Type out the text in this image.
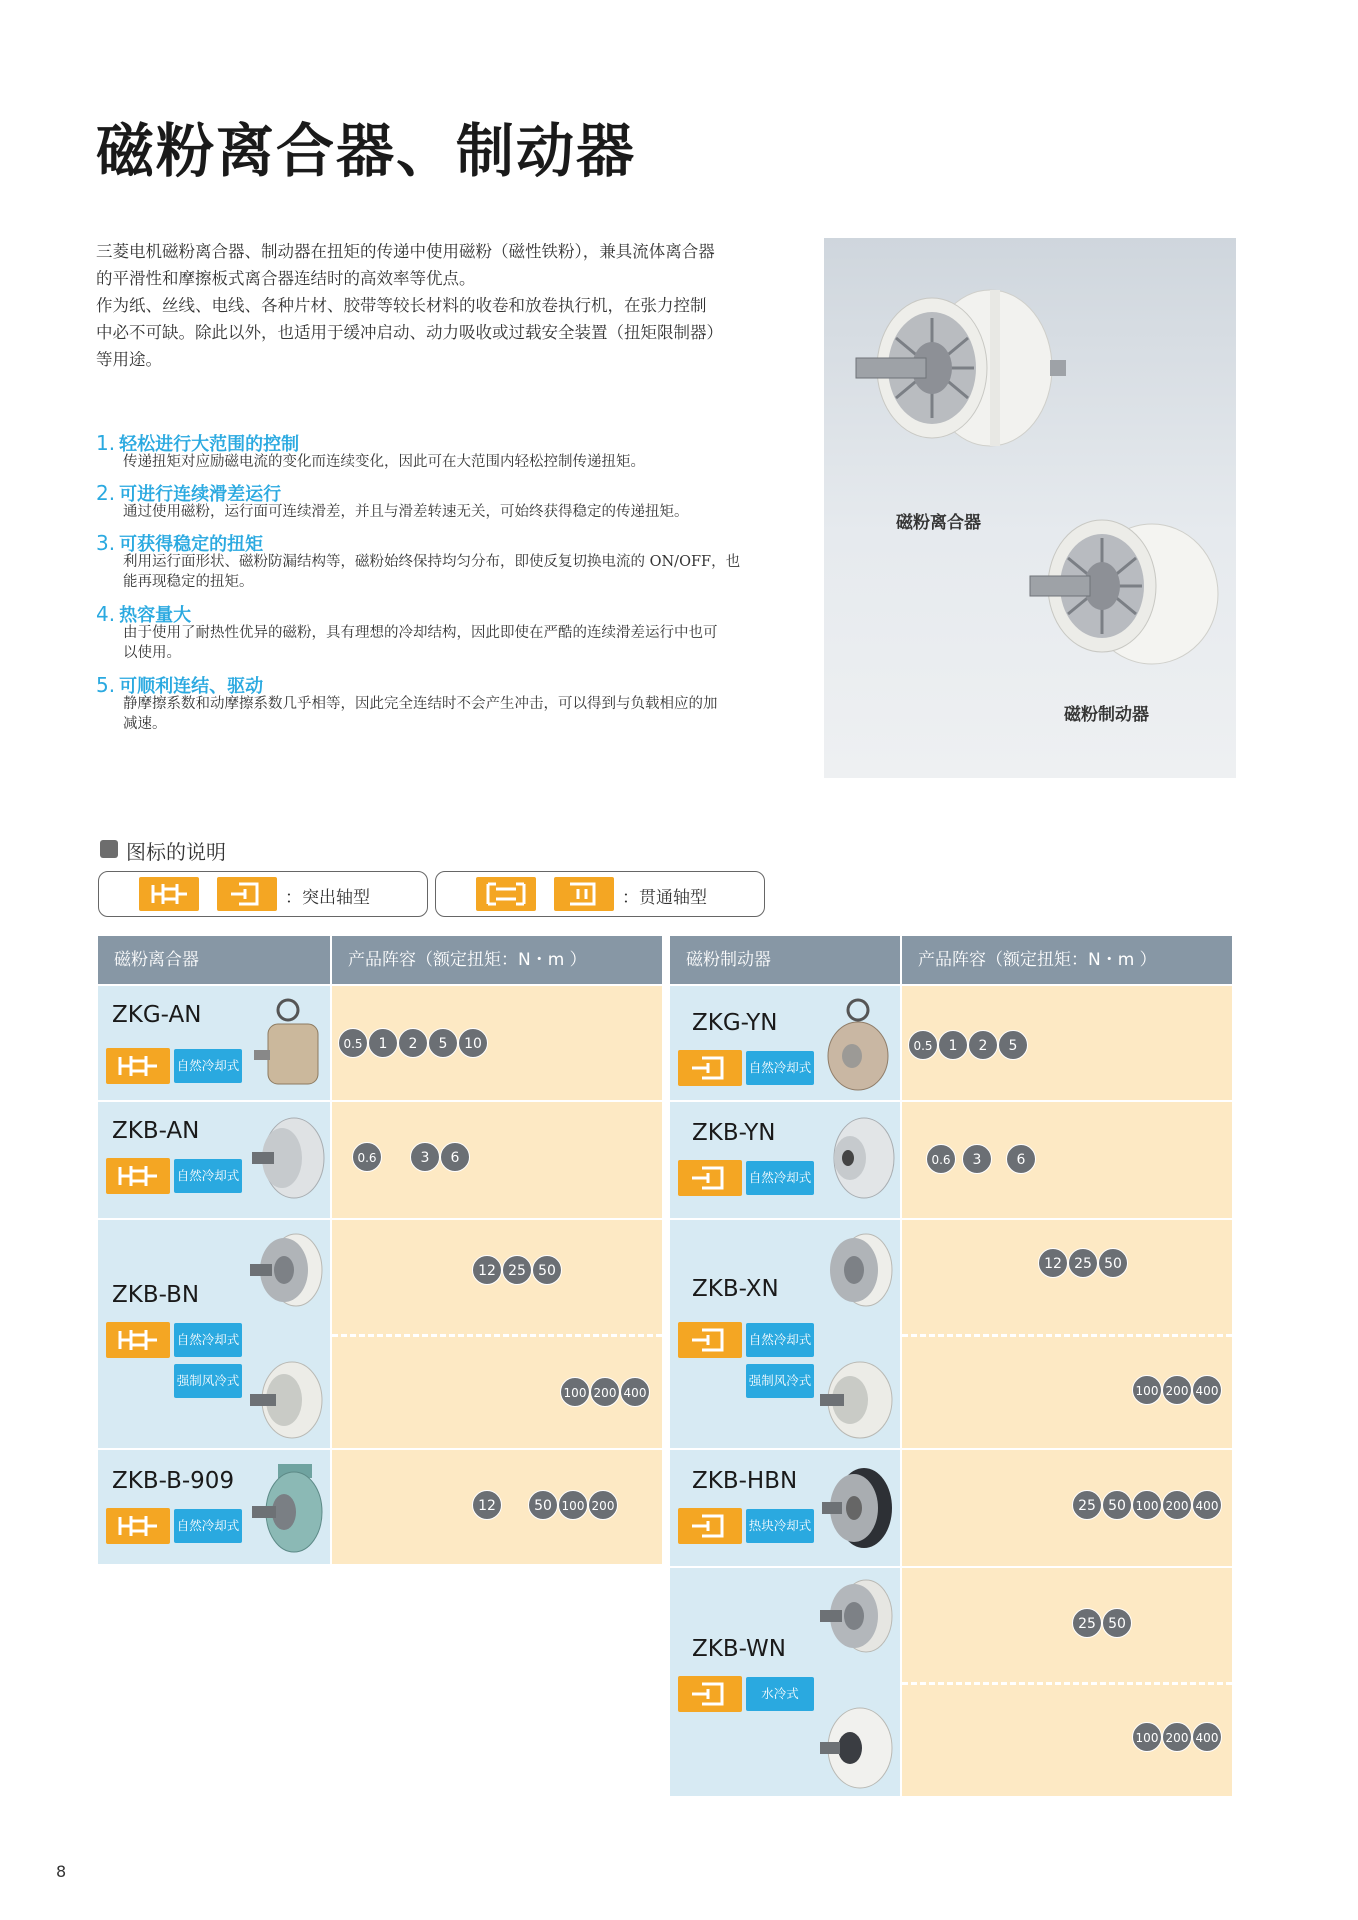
磁粉离合器、制动器
三菱电机磁粉离合器、制动器在扭矩的传递中使用磁粉（磁性铁粉），兼具流体离合器
的平滑性和摩擦板式离合器连结时的高效率等优点。
作为纸、丝线、电线、各种片材、胶带等较长材料的收卷和放卷执行机，在张力控制
中必不可缺。除此以外，也适用于缓冲启动、动力吸收或过载安全装置（扭矩限制器）
等用途。
1. 轻松进行大范围的控制
传递扭矩对应励磁电流的变化而连续变化，因此可在大范围内轻松控制传递扭矩。
2. 可进行连续滑差运行
通过使用磁粉，运行面可连续滑差，并且与滑差转速无关，可始终获得稳定的传递扭矩。
3. 可获得稳定的扭矩
利用运行面形状、磁粉防漏结构等，磁粉始终保持均匀分布，即使反复切换电流的 ON/OFF，也
能再现稳定的扭矩。
4. 热容量大
由于使用了耐热性优异的磁粉，具有理想的冷却结构，因此即使在严酷的连续滑差运行中也可
以使用。
5. 可顺利连结、驱动
静摩擦系数和动摩擦系数几乎相等，因此完全连结时不会产生冲击，可以得到与负载相应的加
减速。
磁粉离合器
磁粉制动器
图标的说明
：突出轴型	：贯通轴型
磁粉离合器	产品阵容（额定扭矩：N・m ）	磁粉制动器	产品阵容（额定扭矩：N・m ）
ZKG-AN
自然冷却式
0.5	1	2	5	10
ZKB-AN
自然冷却式
0.6	3	6
ZKB-BN
自然冷却式
强制风冷式
12 25 50
100 200 400
ZKB-B-909
自然冷却式
12	50 100 200
ZKG-YN
自然冷却式
0.5	1	2	5
ZKB-YN
自然冷却式
0.6	3	6
ZKB-XN
自然冷却式
强制风冷式
12 25 50
100 200 400
ZKB-HBN
热块冷却式
25 50 100 200 400
ZKB-WN
水冷式
25 50
100 200 400
8
